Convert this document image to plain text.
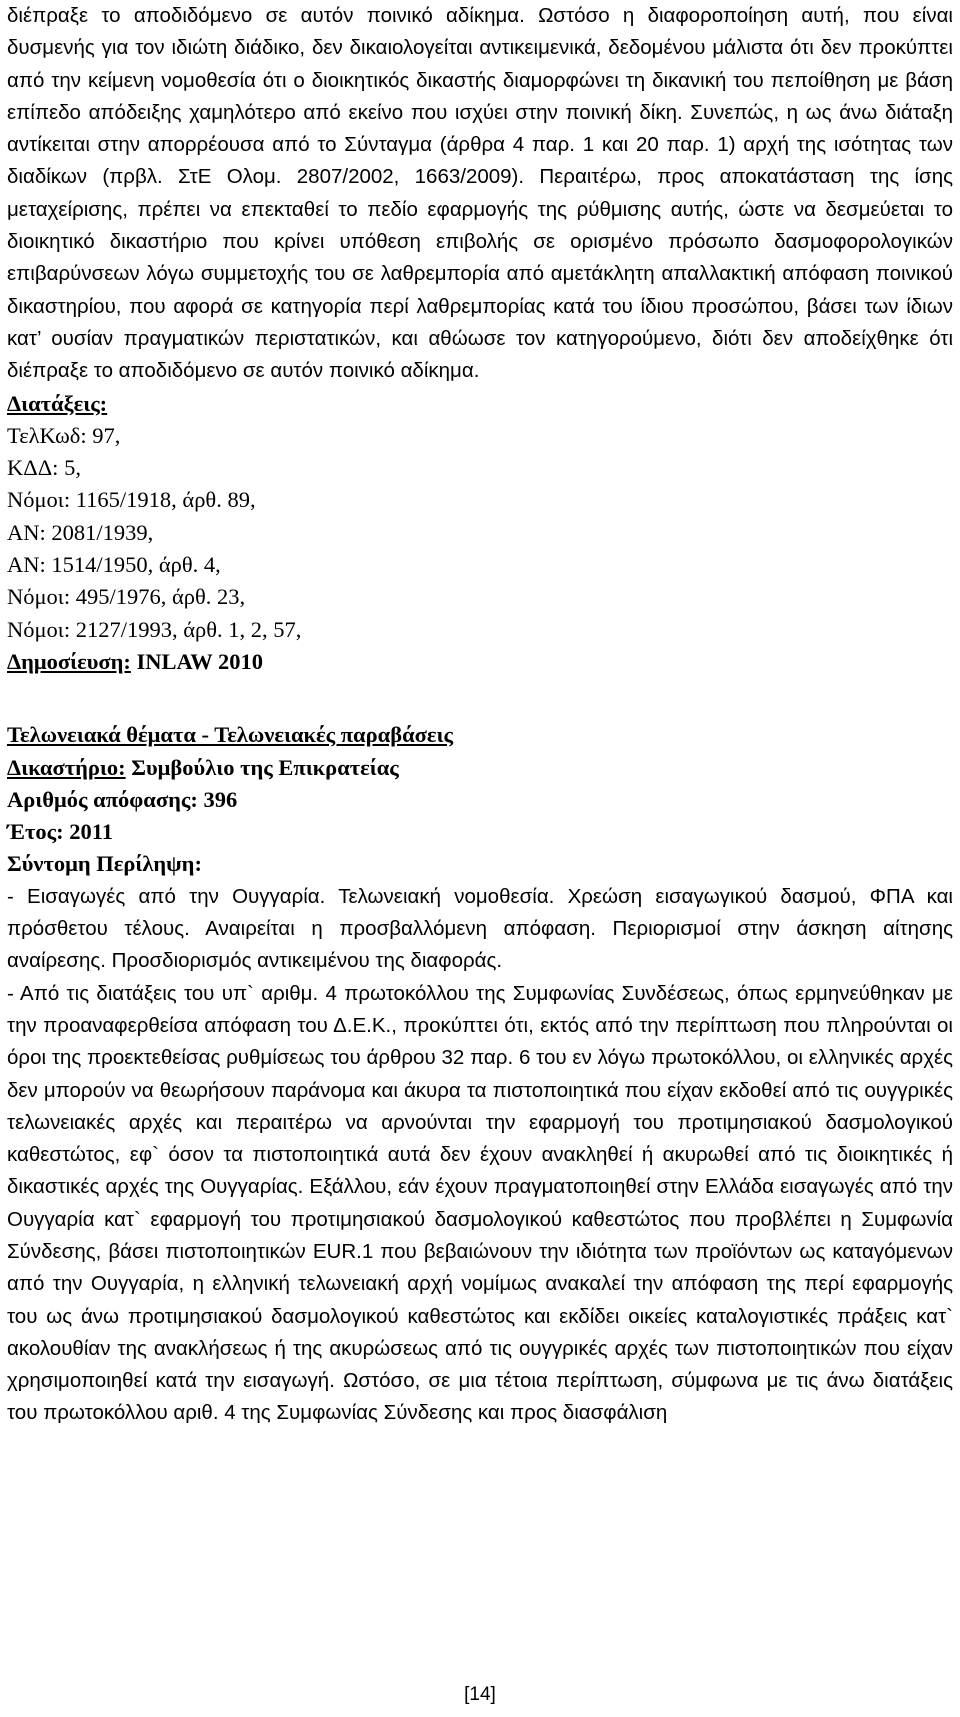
διέπραξε το αποδιδόμενο σε αυτόν ποινικό αδίκημα. Ωστόσο η διαφοροποίηση αυτή, που είναι δυσμενής για τον ιδιώτη διάδικο, δεν δικαιολογείται αντικειμενικά, δεδομένου μάλιστα ότι δεν προκύπτει από την κείμενη νομοθεσία ότι ο διοικητικός δικαστής διαμορφώνει τη δικανική του πεποίθηση με βάση επίπεδο απόδειξης χαμηλότερο από εκείνο που ισχύει στην ποινική δίκη. Συνεπώς, η ως άνω διάταξη αντίκειται στην απορρέουσα από το Σύνταγμα (άρθρα 4 παρ. 1 και 20 παρ. 1) αρχή της ισότητας των διαδίκων (πρβλ. ΣτΕ Ολομ. 2807/2002, 1663/2009). Περαιτέρω, προς αποκατάσταση της ίσης μεταχείρισης, πρέπει να επεκταθεί το πεδίο εφαρμογής της ρύθμισης αυτής, ώστε να δεσμεύεται το διοικητικό δικαστήριο που κρίνει υπόθεση επιβολής σε ορισμένο πρόσωπο δασμοφορολογικών επιβαρύνσεων λόγω συμμετοχής του σε λαθρεμπορία από αμετάκλητη απαλλακτική απόφαση ποινικού δικαστηρίου, που αφορά σε κατηγορία περί λαθρεμπορίας κατά του ίδιου προσώπου, βάσει των ίδιων κατ’ ουσίαν πραγματικών περιστατικών, και αθώωσε τον κατηγορούμενο, διότι δεν αποδείχθηκε ότι διέπραξε το αποδιδόμενο σε αυτόν ποινικό αδίκημα.

Διατάξεις:

ΤελΚωδ: 97,

ΚΔΔ: 5,

Νόμοι: 1165/1918, άρθ. 89,

ΑΝ: 2081/1939,

ΑΝ: 1514/1950, άρθ. 4,

Νόμοι: 495/1976, άρθ. 23,

Νόμοι: 2127/1993, άρθ. 1, 2, 57,

Δημοσίευση: INLAW 2010

Τελωνειακά θέματα - Τελωνειακές παραβάσεις

Δικαστήριο: Συμβούλιο της Επικρατείας

Αριθμός απόφασης: 396

Έτος: 2011

Σύντομη Περίληψη:

- Εισαγωγές από την Ουγγαρία. Τελωνειακή νομοθεσία. Χρεώση εισαγωγικού δασμού, ΦΠΑ και πρόσθετου τέλους. Αναιρείται η προσβαλλόμενη απόφαση. Περιορισμοί στην άσκηση αίτησης αναίρεσης. Προσδιορισμός αντικειμένου της διαφοράς.

- Από τις διατάξεις του υπ` αριθμ. 4 πρωτοκόλλου της Συμφωνίας Συνδέσεως, όπως ερμηνεύθηκαν με την προαναφερθείσα απόφαση του Δ.Ε.Κ., προκύπτει ότι, εκτός από την περίπτωση που πληρούνται οι όροι της προεκτεθείσας ρυθμίσεως του άρθρου 32 παρ. 6 του εν λόγω πρωτοκόλλου, οι ελληνικές αρχές δεν μπορούν να θεωρήσουν παράνομα και άκυρα τα πιστοποιητικά που είχαν εκδοθεί από τις ουγγρικές τελωνειακές αρχές και περαιτέρω να αρνούνται την εφαρμογή του προτιμησιακού δασμολογικού καθεστώτος, εφ` όσον τα πιστοποιητικά αυτά δεν έχουν ανακληθεί ή ακυρωθεί από τις διοικητικές ή δικαστικές αρχές της Ουγγαρίας. Εξάλλου, εάν έχουν πραγματοποιηθεί στην Ελλάδα εισαγωγές από την Ουγγαρία κατ` εφαρμογή του προτιμησιακού δασμολογικού καθεστώτος που προβλέπει η Συμφωνία Σύνδεσης, βάσει πιστοποιητικών EUR.1 που βεβαιώνουν την ιδιότητα των προϊόντων ως καταγόμενων από την Ουγγαρία, η ελληνική τελωνειακή αρχή νομίμως ανακαλεί την απόφαση της περί εφαρμογής του ως άνω προτιμησιακού δασμολογικού καθεστώτος και εκδίδει οικείες καταλογιστικές πράξεις κατ` ακολουθίαν της ανακλήσεως ή της ακυρώσεως από τις ουγγρικές αρχές των πιστοποιητικών που είχαν χρησιμοποιηθεί κατά την εισαγωγή. Ωστόσο, σε μια τέτοια περίπτωση, σύμφωνα με τις άνω διατάξεις του πρωτοκόλλου αριθ. 4 της Συμφωνίας Σύνδεσης και προς διασφάλιση

[14]
